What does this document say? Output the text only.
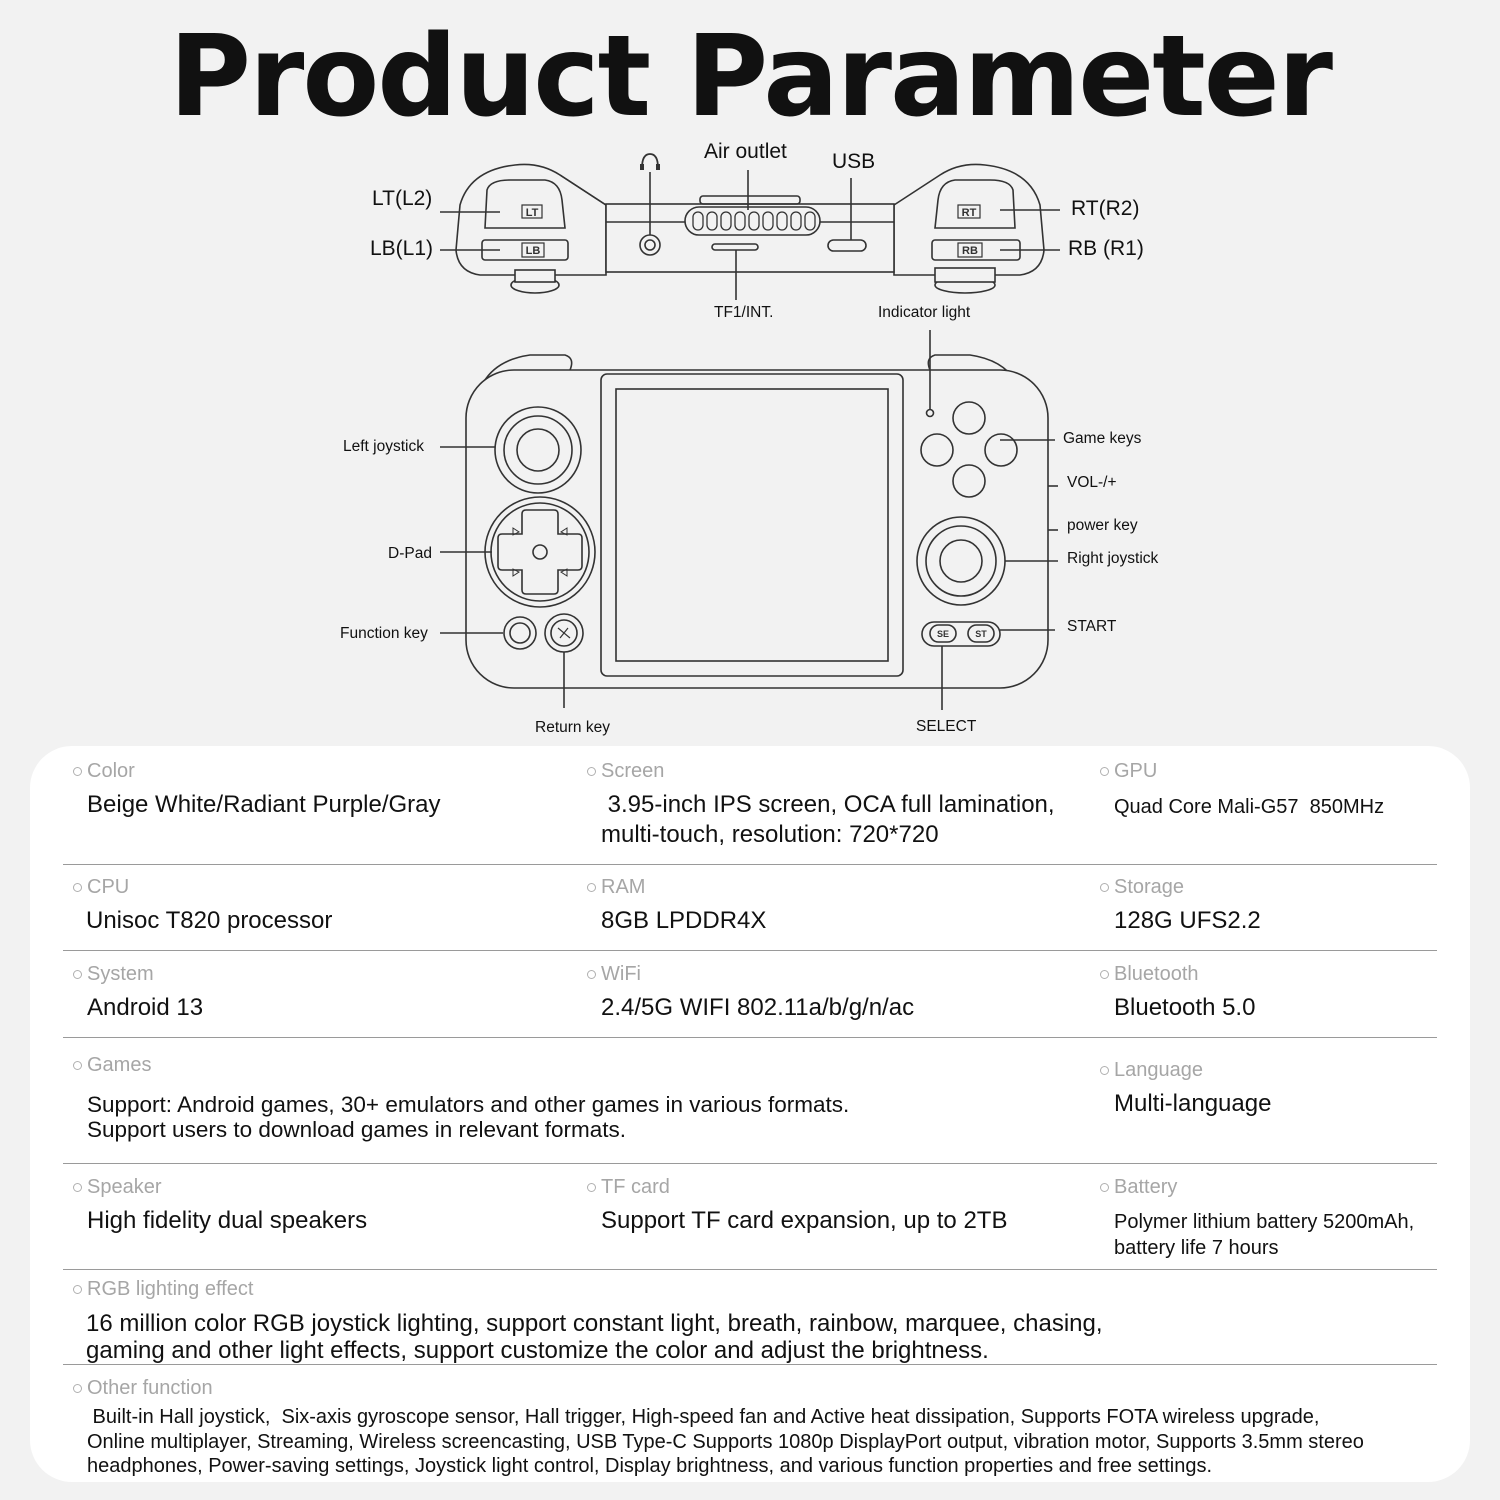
Product Parameter
LT
LB
RT
RB
SE	ST
LT(L2)
LB(L1)
Air outlet USB
RT(R2)
RB (R1)
TF1/INT.	Indicator light
Left joystick
D-Pad
Function key
Return key
Game keys
VOL-/+
power key
Right joystick
START
SELECT
Color
Beige White/Radiant Purple/Gray
Screen
3.95-inch IPS screen, OCA full lamination,
multi-touch, resolution: 720*720
GPU
Quad Core Mali-G57  850MHz
CPU
Unisoc T820 processor
RAM
8GB LPDDR4X
Storage
128G UFS2.2
System
Android 13
WiFi
2.4/5G WIFI 802.11a/b/g/n/ac
Bluetooth
Bluetooth 5.0
Games
Support: Android games, 30+ emulators and other games in various formats.
Support users to download games in relevant formats.
Language
Multi-language
Speaker
High fidelity dual speakers
TF card
Support TF card expansion, up to 2TB
Battery
Polymer lithium battery 5200mAh,
battery life 7 hours
RGB lighting effect
16 million color RGB joystick lighting, support constant light, breath, rainbow, marquee, chasing,
gaming and other light effects, support customize the color and adjust the brightness.
Other function
Built-in Hall joystick,  Six-axis gyroscope sensor, Hall trigger, High-speed fan and Active heat dissipation, Supports FOTA wireless upgrade,
Online multiplayer, Streaming, Wireless screencasting, USB Type-C Supports 1080p DisplayPort output, vibration motor, Supports 3.5mm stereo
headphones, Power-saving settings, Joystick light control, Display brightness, and various function properties and free settings.
